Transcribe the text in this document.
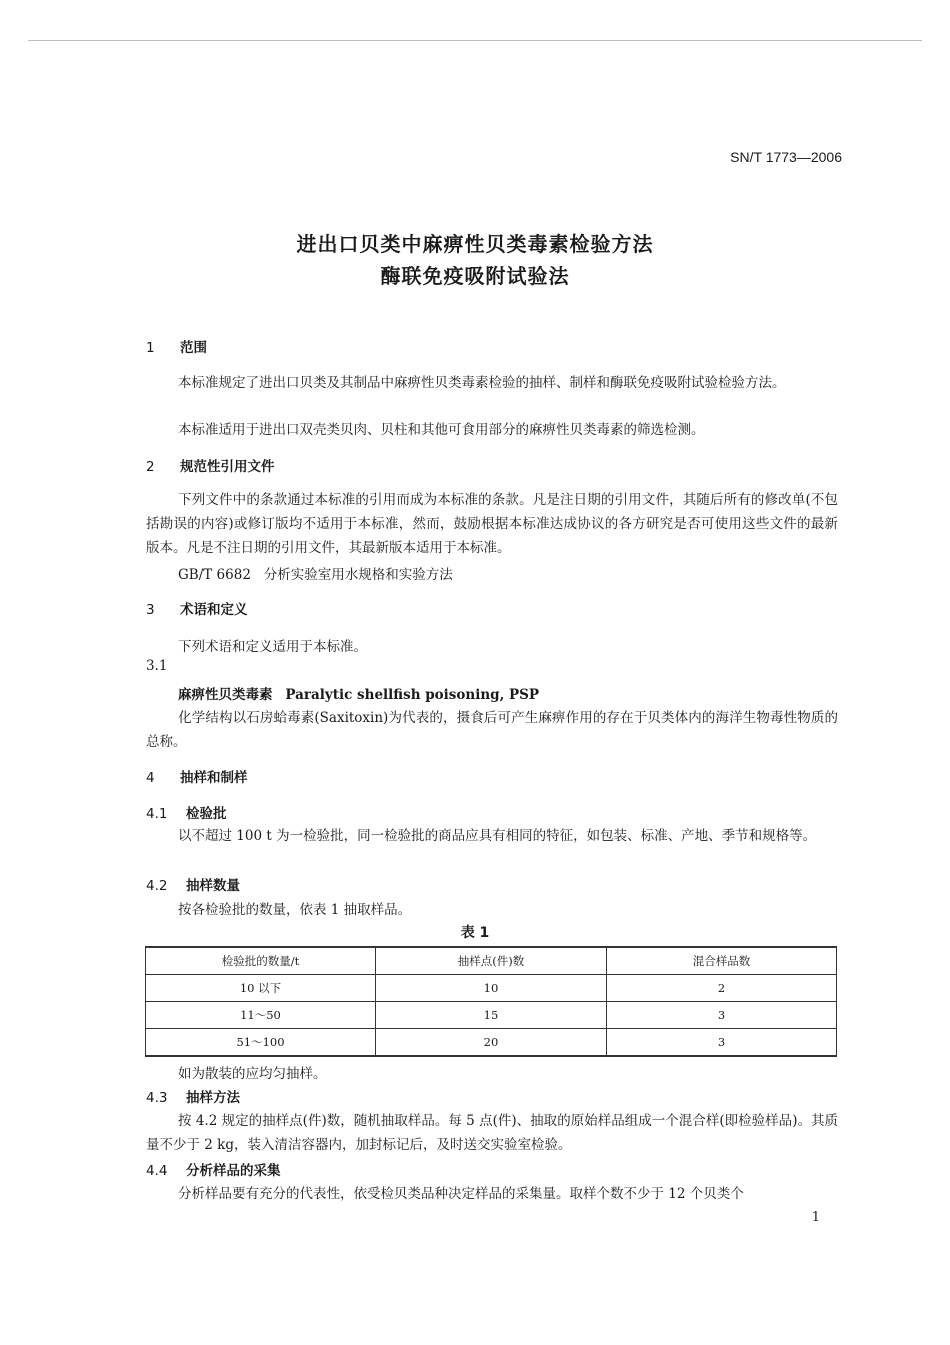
SN/T 1773—2006
进出口贝类中麻痹性贝类毒素检验方法
酶联免疫吸附试验法
1 范围
本标准规定了进出口贝类及其制品中麻痹性贝类毒素检验的抽样、制样和酶联免疫吸附试验检验方法。
本标准适用于进出口双壳类贝肉、贝柱和其他可食用部分的麻痹性贝类毒素的筛选检测。
2 规范性引用文件
下列文件中的条款通过本标准的引用而成为本标准的条款。凡是注日期的引用文件，其随后所有的修改单(不包括勘误的内容)或修订版均不适用于本标准，然而，鼓励根据本标准达成协议的各方研究是否可使用这些文件的最新版本。凡是不注日期的引用文件，其最新版本适用于本标准。
GB/T 6682 分析实验室用水规格和实验方法
3 术语和定义
下列术语和定义适用于本标准。
3.1
麻痹性贝类毒素 Paralytic shellfish poisoning, PSP
化学结构以石房蛤毒素(Saxitoxin)为代表的，摄食后可产生麻痹作用的存在于贝类体内的海洋生物毒性物质的总称。
4 抽样和制样
4.1 检验批
以不超过 100 t 为一检验批，同一检验批的商品应具有相同的特征，如包装、标准、产地、季节和规格等。
4.2 抽样数量
按各检验批的数量，依表 1 抽取样品。
表 1
检验批的数量/t	抽样点(件)数	混合样品数
10 以下	10	2
11～50	15	3
51～100	20	3
如为散装的应均匀抽样。
4.3 抽样方法
按 4.2 规定的抽样点(件)数，随机抽取样品。每 5 点(件)、抽取的原始样品组成一个混合样(即检验样品)。其质量不少于 2 kg，装入清洁容器内，加封标记后，及时送交实验室检验。
4.4 分析样品的采集
分析样品要有充分的代表性，依受检贝类品种决定样品的采集量。取样个数不少于 12 个贝类个
1
